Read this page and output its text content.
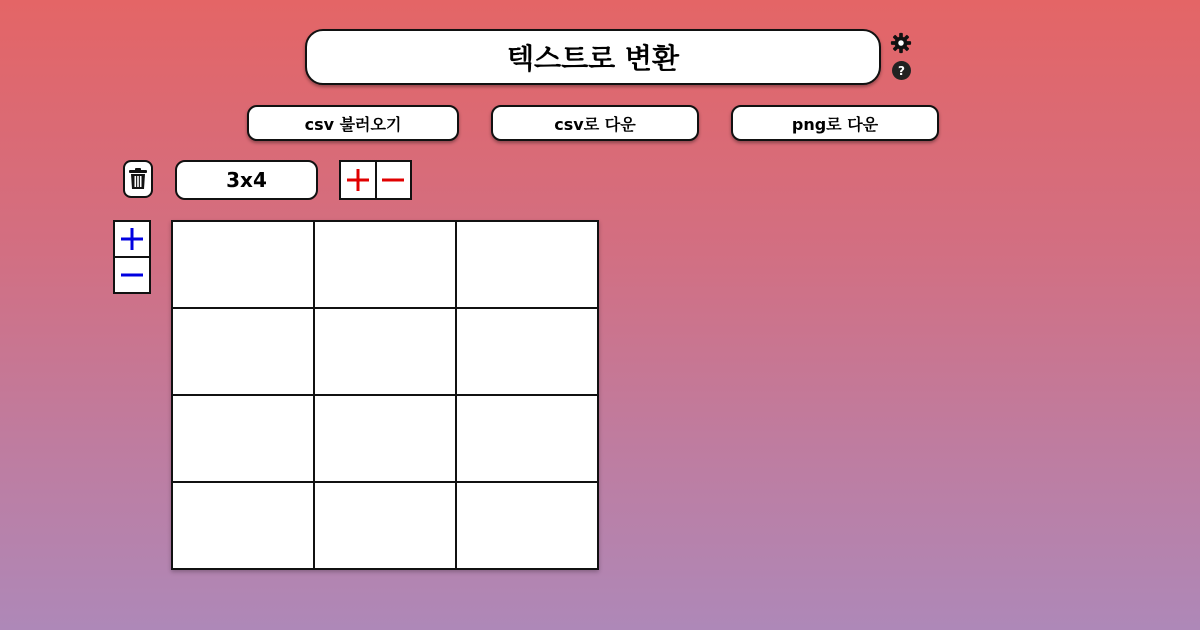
텍스트로 변환	?
csv 불러오기	csv로 다운	png로 다운
3x4
